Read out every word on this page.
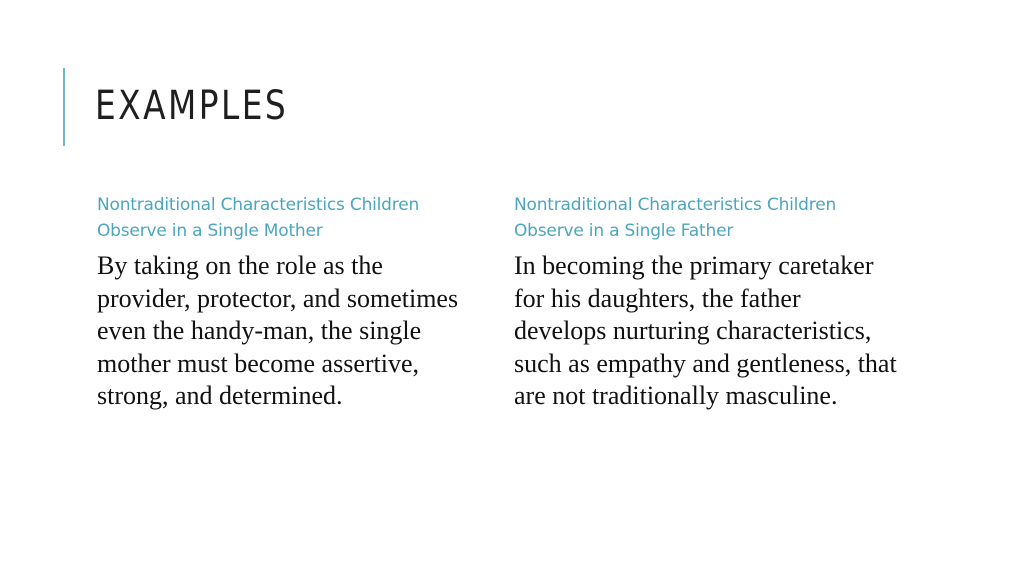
EXAMPLES

Nontraditional Characteristics Children Observe in a Single Mother

By taking on the role as the provider, protector, and sometimes even the handy-man, the single mother must become assertive, strong, and determined.

Nontraditional Characteristics Children Observe in a Single Father

In becoming the primary caretaker for his daughters, the father develops nurturing characteristics, such as empathy and gentleness, that are not traditionally masculine.
